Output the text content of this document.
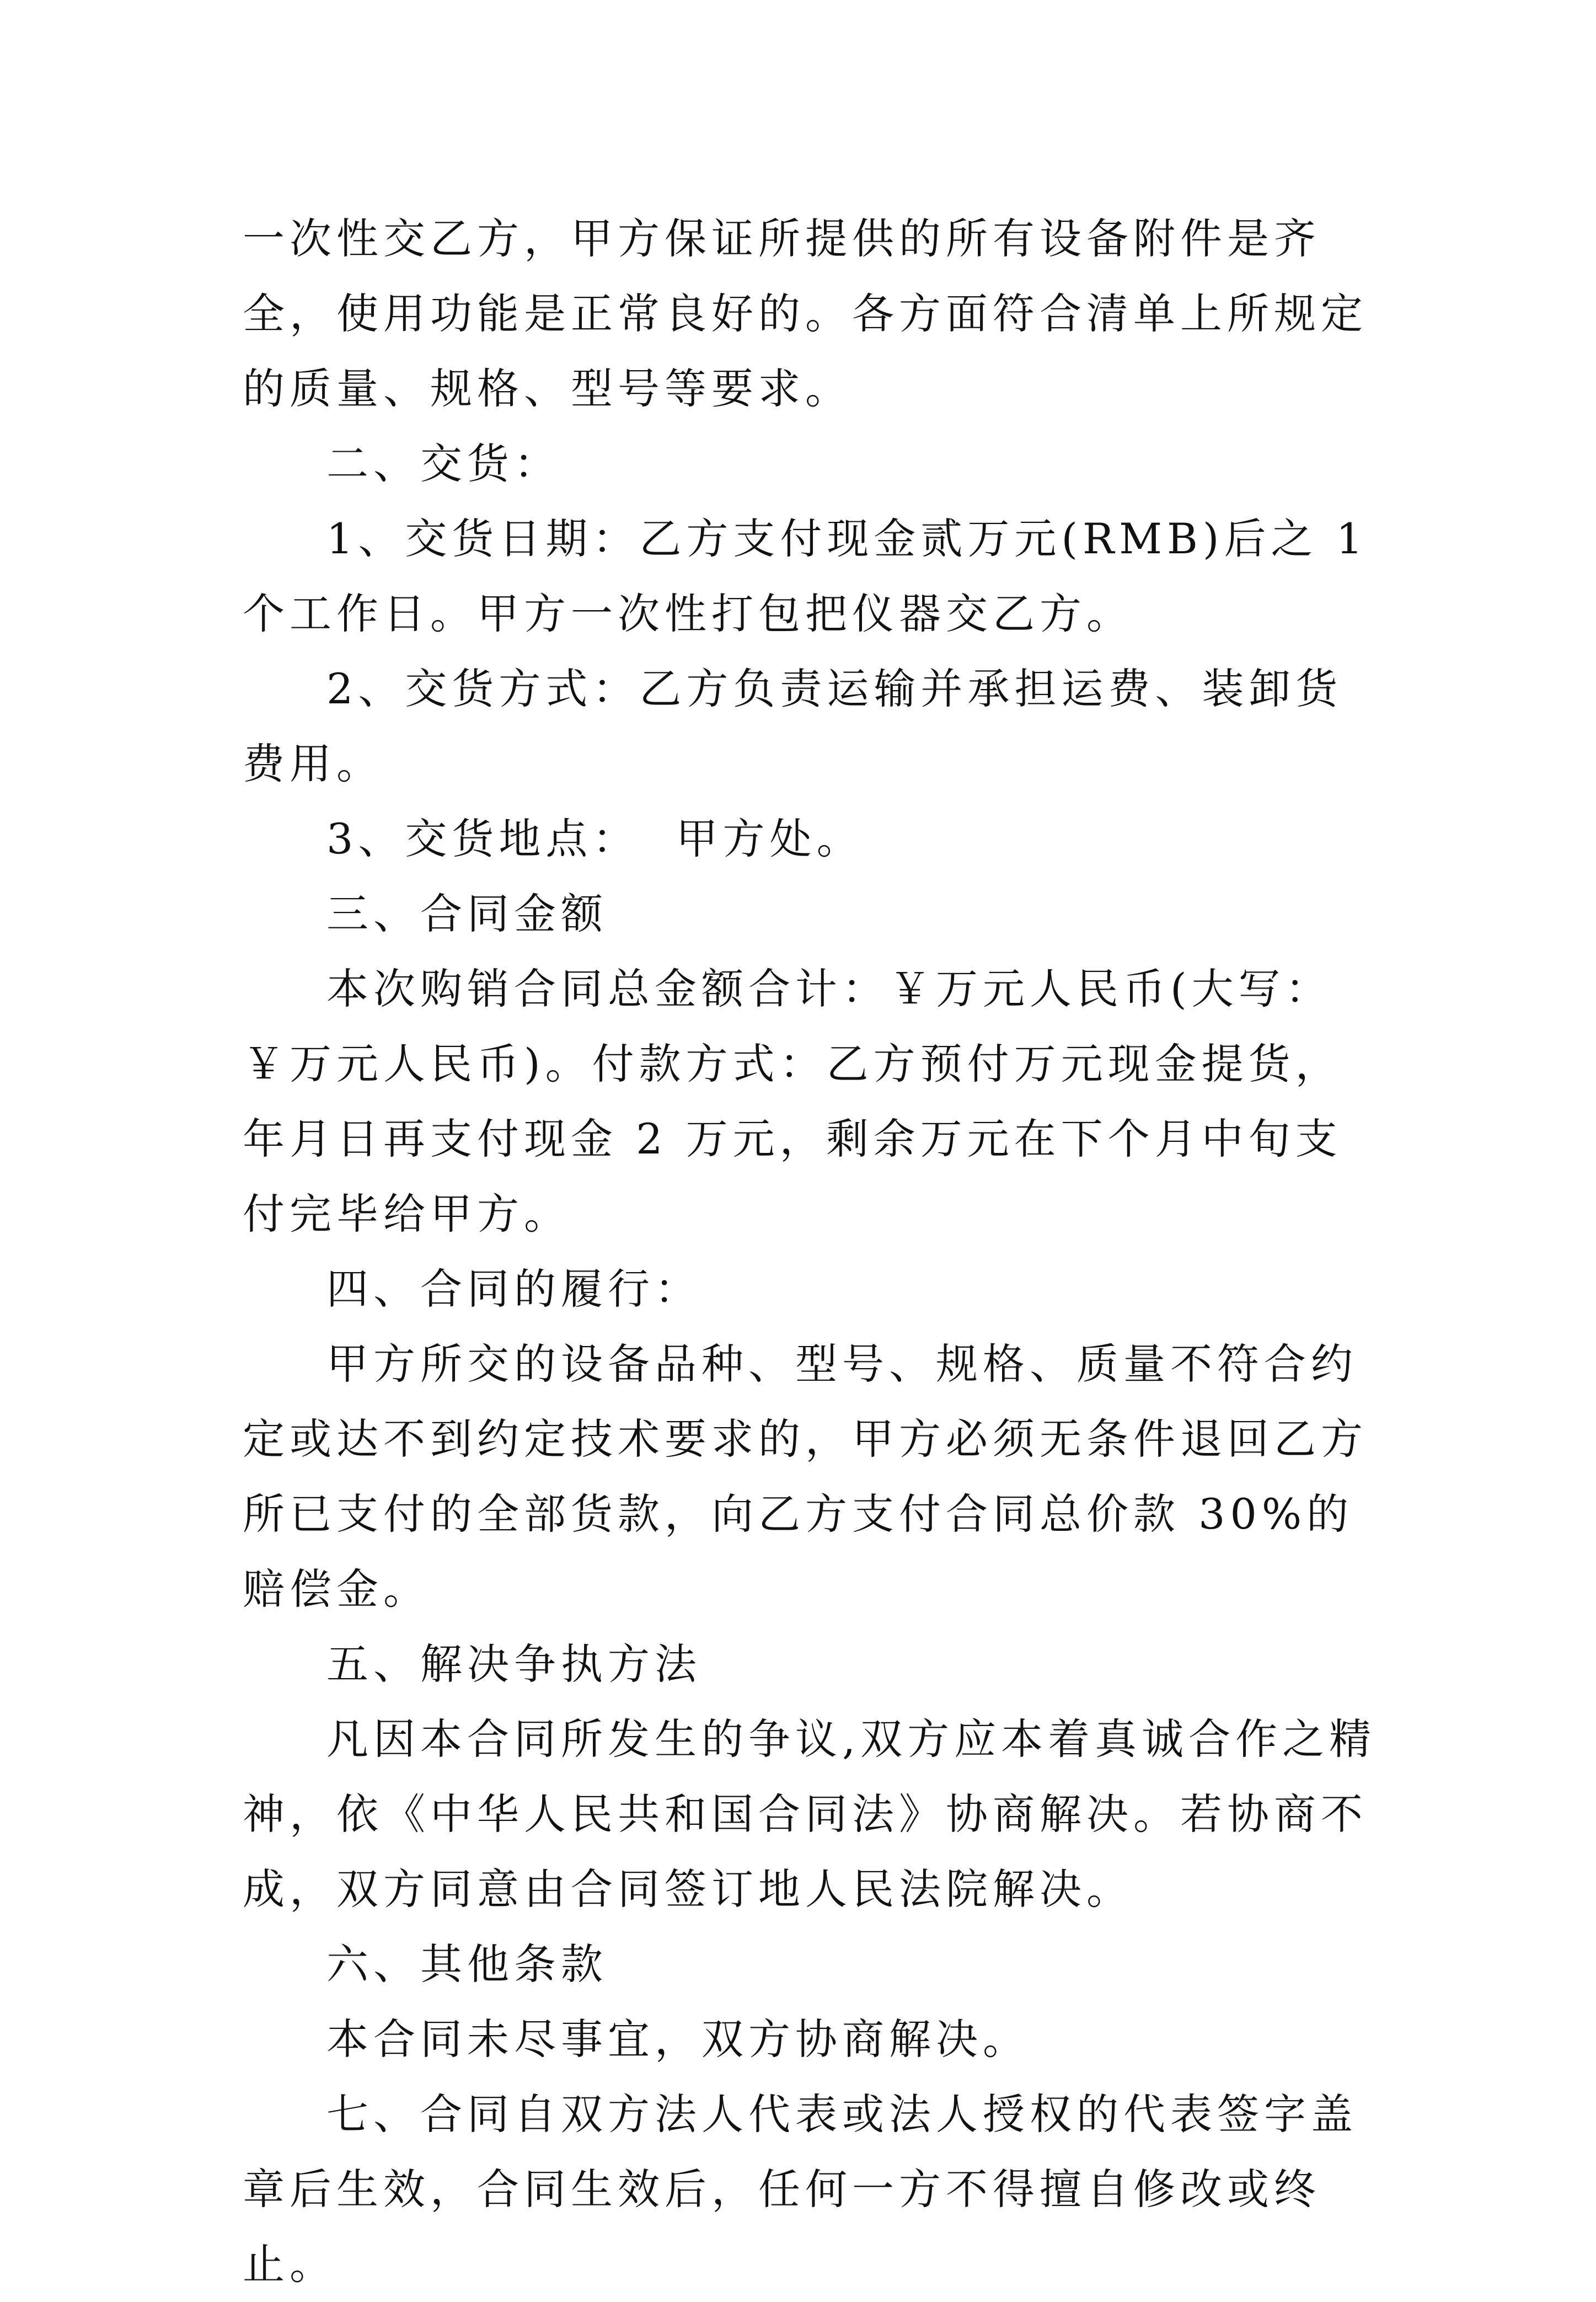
一次性交乙方，甲方保证所提供的所有设备附件是齐全，使用功能是正常良好的。各方面符合清单上所规定的质量、规格、型号等要求。

二、交货：

1、交货日期：乙方支付现金贰万元(RMB)后之 1 个工作日。甲方一次性打包把仪器交乙方。

2、交货方式：乙方负责运输并承担运费、装卸货费用。

3、交货地点：  甲方处。

三、合同金额

本次购销合同总金额合计：￥万元人民币(大写：￥万元人民币)。付款方式：乙方预付万元现金提货，年月日再支付现金 2 万元，剩余万元在下个月中旬支付完毕给甲方。

四、合同的履行：

甲方所交的设备品种、型号、规格、质量不符合约定或达不到约定技术要求的，甲方必须无条件退回乙方所已支付的全部货款，向乙方支付合同总价款 30%的赔偿金。

五、解决争执方法

凡因本合同所发生的争议,双方应本着真诚合作之精神，依《中华人民共和国合同法》协商解决。若协商不成，双方同意由合同签订地人民法院解决。

六、其他条款

本合同未尽事宜，双方协商解决。

七、合同自双方法人代表或法人授权的代表签字盖章后生效，合同生效后，任何一方不得擅自修改或终止。
